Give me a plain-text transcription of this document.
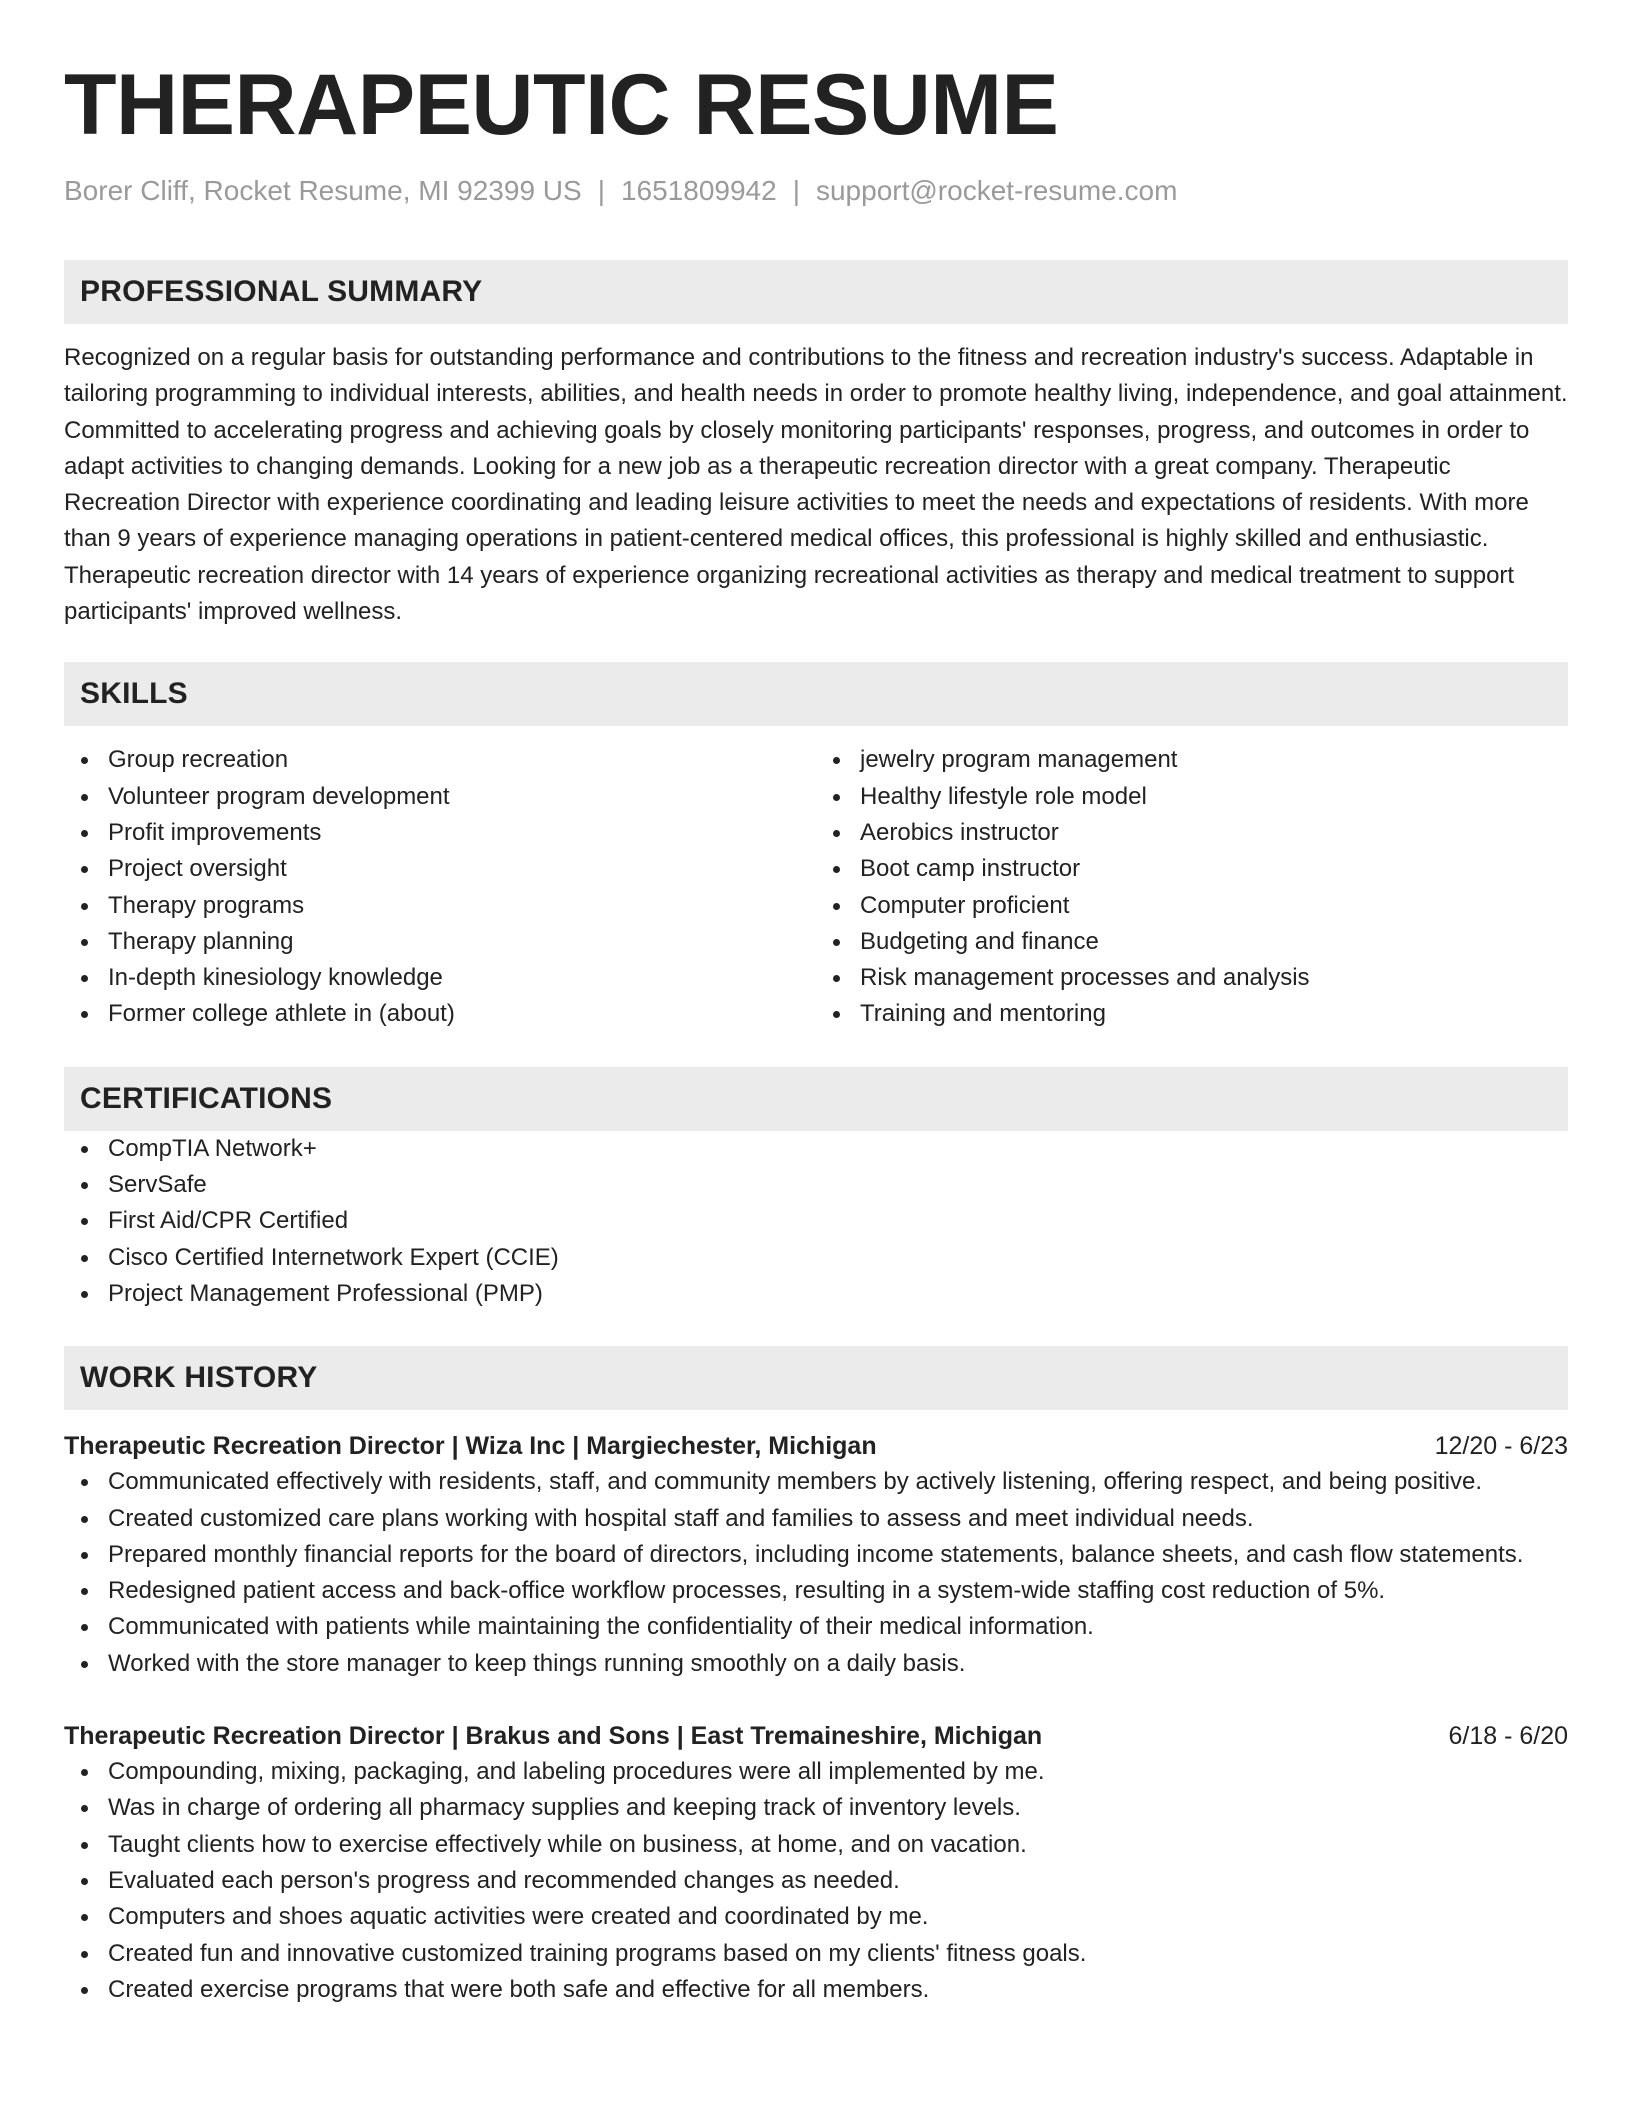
THERAPEUTIC RESUME
Borer Cliff, Rocket Resume, MI 92399 US | 1651809942 | support@rocket-resume.com
PROFESSIONAL SUMMARY

Recognized on a regular basis for outstanding performance and contributions to the fitness and recreation industry's success. Adaptable in tailoring programming to individual interests, abilities, and health needs in order to promote healthy living, independence, and goal attainment. Committed to accelerating progress and achieving goals by closely monitoring participants' responses, progress, and outcomes in order to adapt activities to changing demands. Looking for a new job as a therapeutic recreation director with a great company. Therapeutic Recreation Director with experience coordinating and leading leisure activities to meet the needs and expectations of residents. With more than 9 years of experience managing operations in patient-centered medical offices, this professional is highly skilled and enthusiastic. Therapeutic recreation director with 14 years of experience organizing recreational activities as therapy and medical treatment to support participants' improved wellness.

SKILLS
Group recreation
Volunteer program development
Profit improvements
Project oversight
Therapy programs
Therapy planning
In-depth kinesiology knowledge
Former college athlete in (about)
jewelry program management
Healthy lifestyle role model
Aerobics instructor
Boot camp instructor
Computer proficient
Budgeting and finance
Risk management processes and analysis
Training and mentoring
CERTIFICATIONS
CompTIA Network+
ServSafe
First Aid/CPR Certified
Cisco Certified Internetwork Expert (CCIE)
Project Management Professional (PMP)
WORK HISTORY
Therapeutic Recreation Director | Wiza Inc | Margiechester, Michigan	12/20 - 6/23
Communicated effectively with residents, staff, and community members by actively listening, offering respect, and being positive.
Created customized care plans working with hospital staff and families to assess and meet individual needs.
Prepared monthly financial reports for the board of directors, including income statements, balance sheets, and cash flow statements.
Redesigned patient access and back-office workflow processes, resulting in a system-wide staffing cost reduction of 5%.
Communicated with patients while maintaining the confidentiality of their medical information.
Worked with the store manager to keep things running smoothly on a daily basis.
Therapeutic Recreation Director | Brakus and Sons | East Tremaineshire, Michigan	6/18 - 6/20
Compounding, mixing, packaging, and labeling procedures were all implemented by me.
Was in charge of ordering all pharmacy supplies and keeping track of inventory levels.
Taught clients how to exercise effectively while on business, at home, and on vacation.
Evaluated each person's progress and recommended changes as needed.
Computers and shoes aquatic activities were created and coordinated by me.
Created fun and innovative customized training programs based on my clients' fitness goals.
Created exercise programs that were both safe and effective for all members.
